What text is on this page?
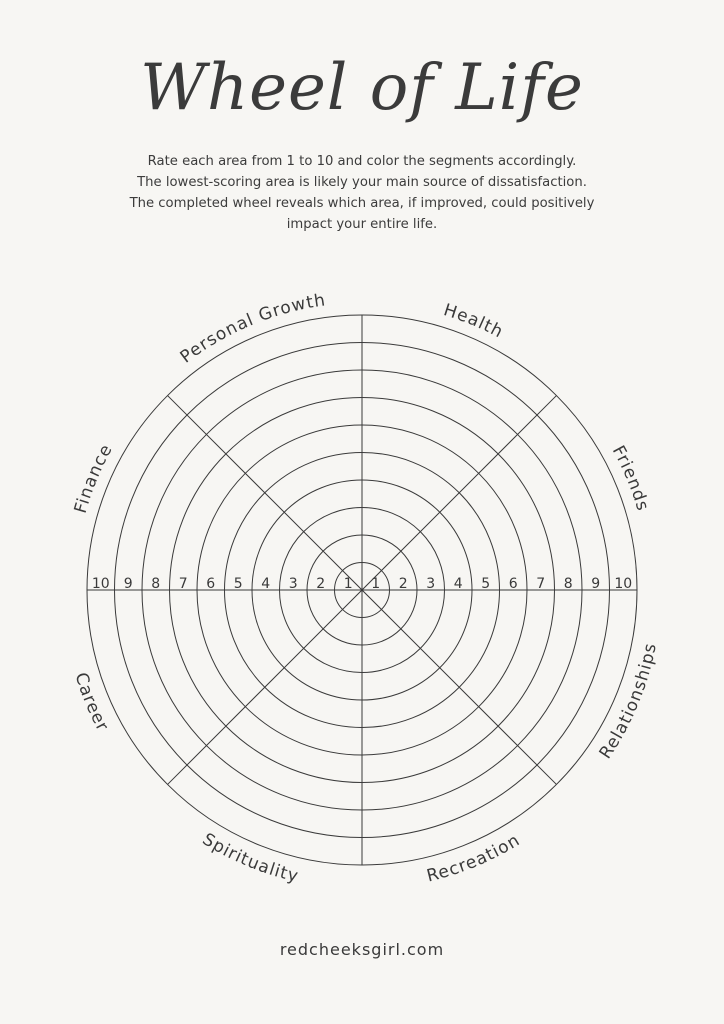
Wheel of Life
Rate each area from 1 to 10 and color the segments accordingly.
The lowest-scoring area is likely your main source of dissatisfaction.
The completed wheel reveals which area, if improved, could positively
impact your entire life.
1
1	2
2	3
3	4
4	5
5	6
6	7
7	8
8	9
9	10
10
Health
Friends
Relationships
Recreation
Spirituality
Career
Finance
Personal Growth
redcheeksgirl.com
